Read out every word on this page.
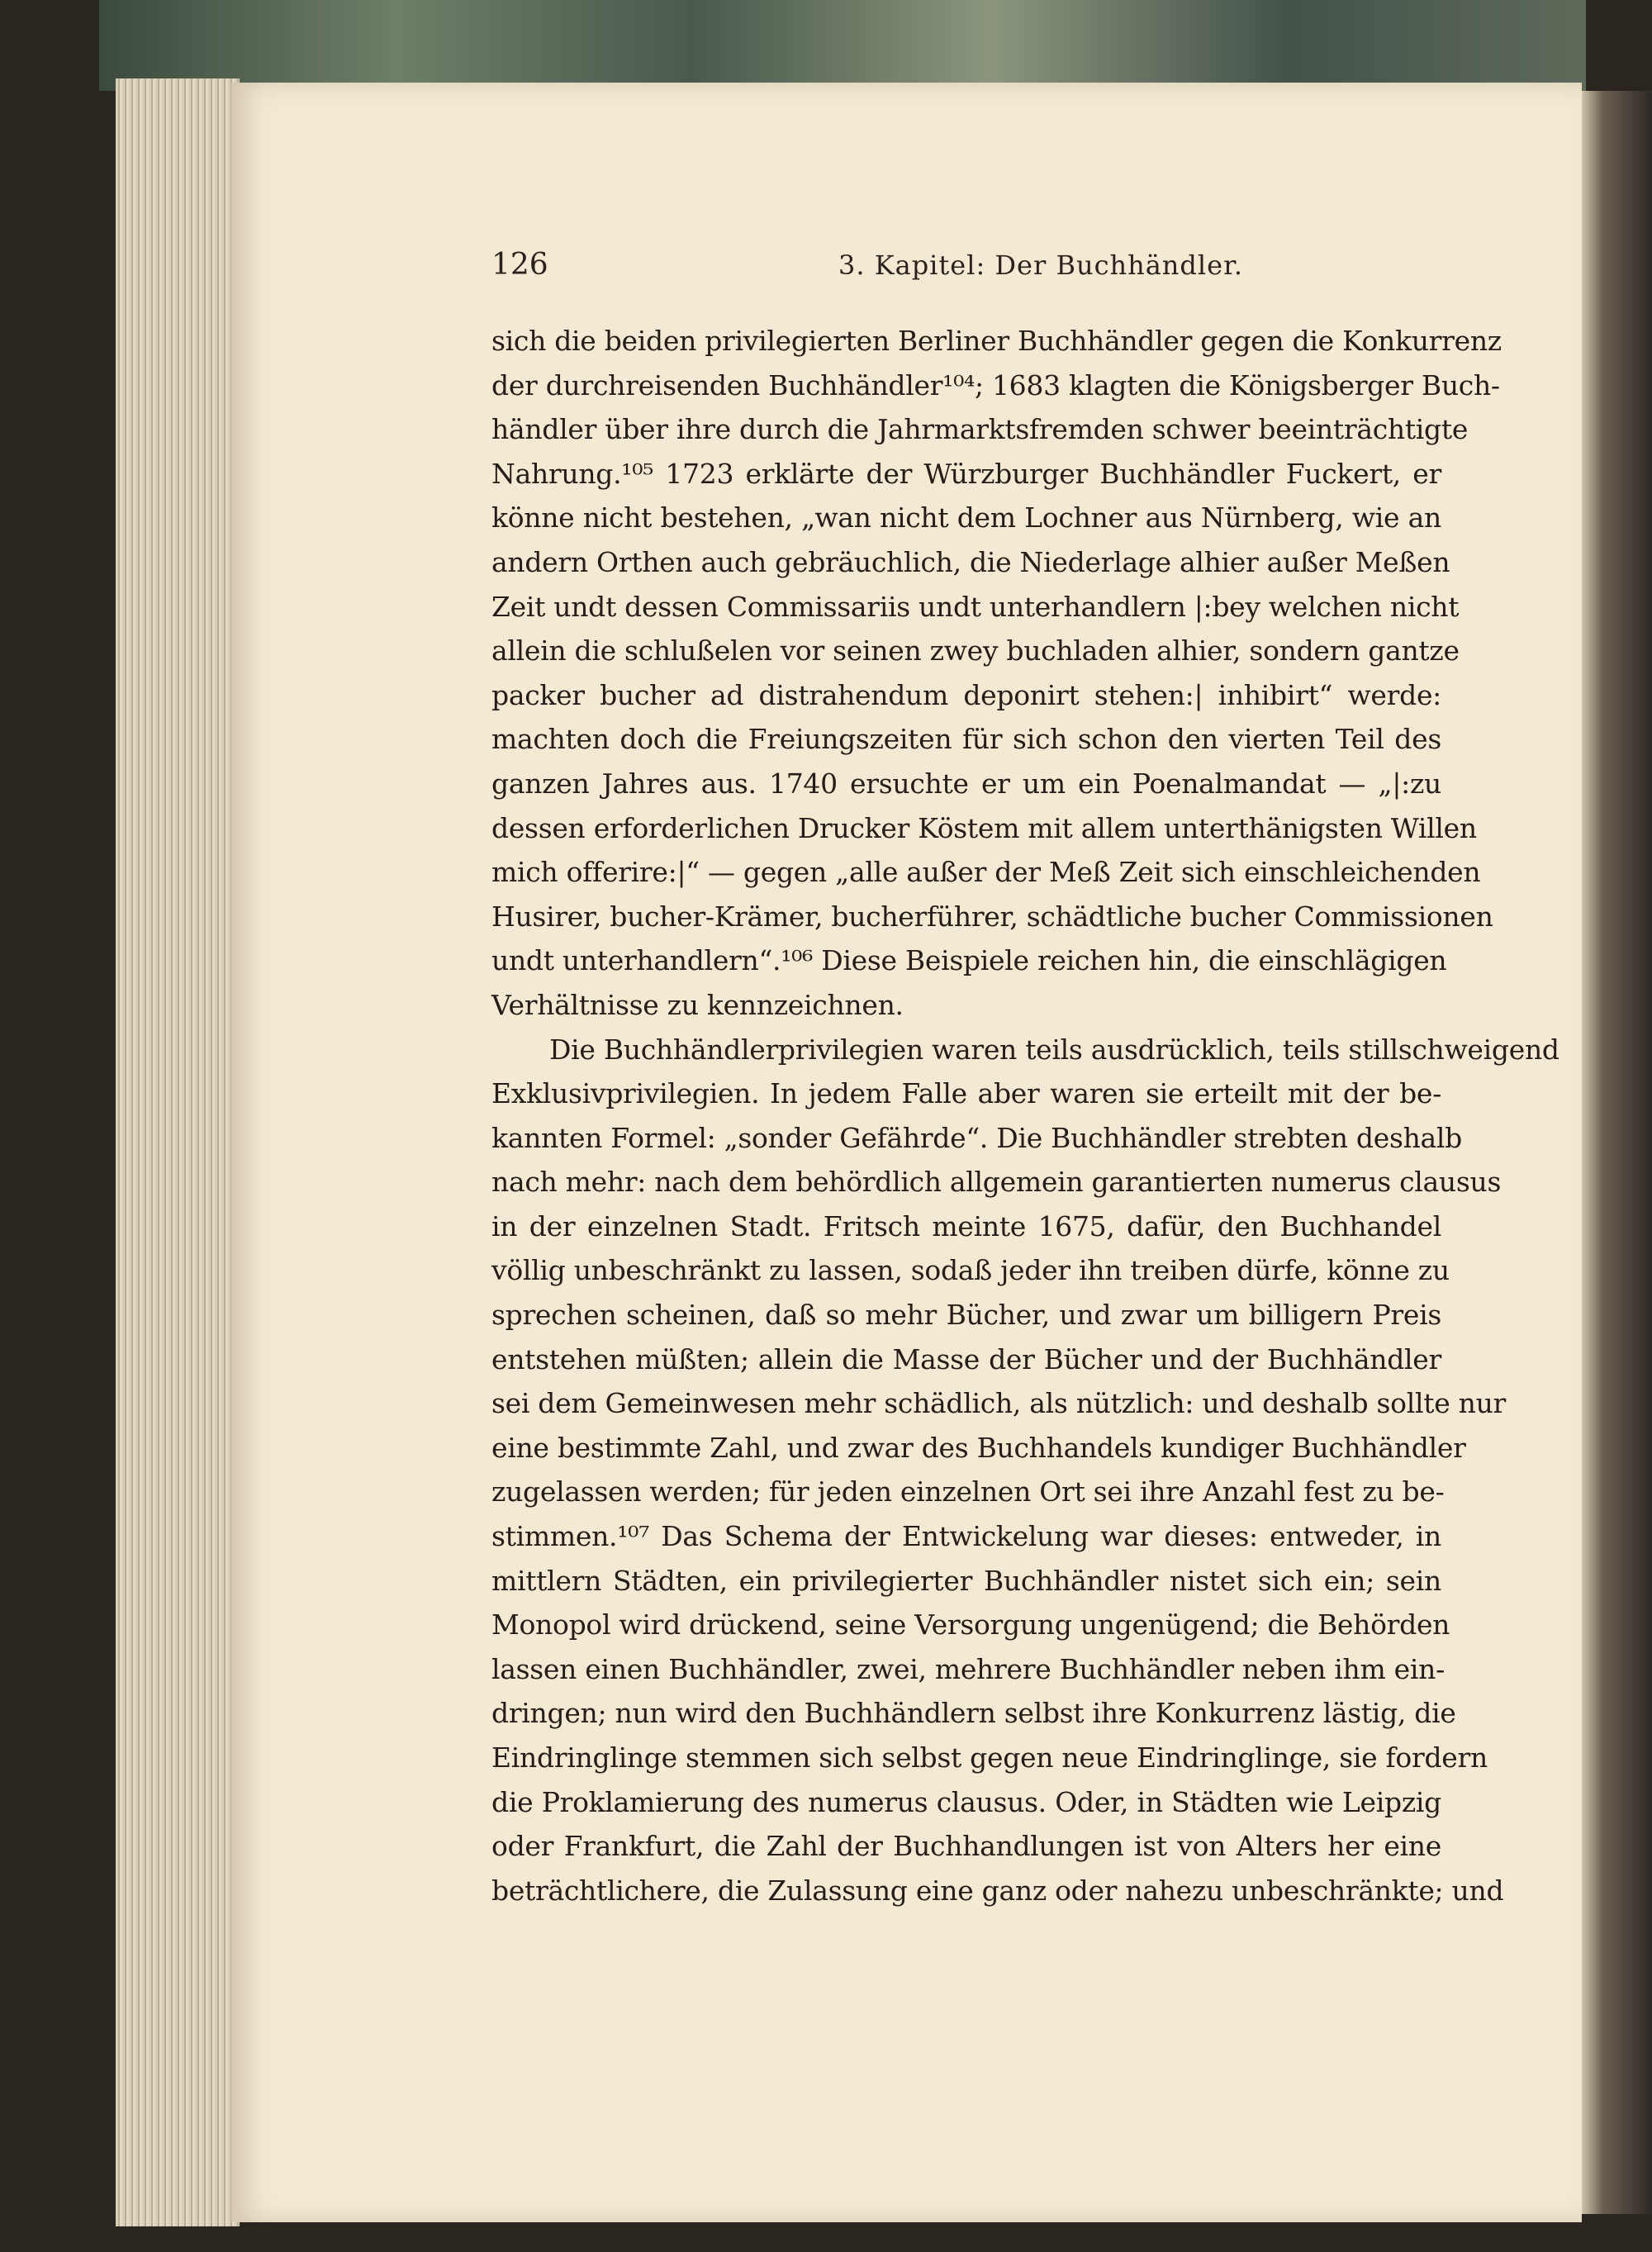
126	3. Kapitel: Der Buchhändler.
sich die beiden privilegierten Berliner Buchhändler gegen die Konkurrenz
der durchreisenden Buchhändler¹⁰⁴; 1683 klagten die Königsberger Buch-
händler über ihre durch die Jahrmarktsfremden schwer beeinträchtigte
Nahrung.¹⁰⁵ 1723 erklärte der Würzburger Buchhändler Fuckert, er
könne nicht bestehen, „wan nicht dem Lochner aus Nürnberg, wie an
andern Orthen auch gebräuchlich, die Niederlage alhier außer Meßen
Zeit undt dessen Commissariis undt unterhandlern |:bey welchen nicht
allein die schlußelen vor seinen zwey buchladen alhier, sondern gantze
packer bucher ad distrahendum deponirt stehen:| inhibirt“ werde:
machten doch die Freiungszeiten für sich schon den vierten Teil des
ganzen Jahres aus. 1740 ersuchte er um ein Poenalmandat — „|:zu
dessen erforderlichen Drucker Köstem mit allem unterthänigsten Willen
mich offerire:|“ — gegen „alle außer der Meß Zeit sich einschleichenden
Husirer, bucher-Krämer, bucherführer, schädtliche bucher Commissionen
undt unterhandlern“.¹⁰⁶ Diese Beispiele reichen hin, die einschlägigen
Verhältnisse zu kennzeichnen.
Die Buchhändlerprivilegien waren teils ausdrücklich, teils stillschweigend
Exklusivprivilegien. In jedem Falle aber waren sie erteilt mit der be-
kannten Formel: „sonder Gefährde“. Die Buchhändler strebten deshalb
nach mehr: nach dem behördlich allgemein garantierten numerus clausus
in der einzelnen Stadt. Fritsch meinte 1675, dafür, den Buchhandel
völlig unbeschränkt zu lassen, sodaß jeder ihn treiben dürfe, könne zu
sprechen scheinen, daß so mehr Bücher, und zwar um billigern Preis
entstehen müßten; allein die Masse der Bücher und der Buchhändler
sei dem Gemeinwesen mehr schädlich, als nützlich: und deshalb sollte nur
eine bestimmte Zahl, und zwar des Buchhandels kundiger Buchhändler
zugelassen werden; für jeden einzelnen Ort sei ihre Anzahl fest zu be-
stimmen.¹⁰⁷ Das Schema der Entwickelung war dieses: entweder, in
mittlern Städten, ein privilegierter Buchhändler nistet sich ein; sein
Monopol wird drückend, seine Versorgung ungenügend; die Behörden
lassen einen Buchhändler, zwei, mehrere Buchhändler neben ihm ein-
dringen; nun wird den Buchhändlern selbst ihre Konkurrenz lästig, die
Eindringlinge stemmen sich selbst gegen neue Eindringlinge, sie fordern
die Proklamierung des numerus clausus. Oder, in Städten wie Leipzig
oder Frankfurt, die Zahl der Buchhandlungen ist von Alters her eine
beträchtlichere, die Zulassung eine ganz oder nahezu unbeschränkte; und
